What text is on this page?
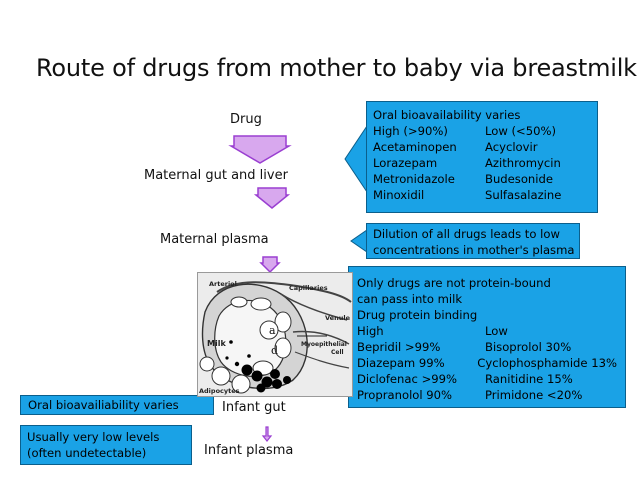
Route of drugs from mother to baby via breastmilk
Drug
Maternal gut and liver
Maternal plasma
Infant gut
Infant plasma
Oral bioavailability varies
High (>90%)	Low (<50%)
Acetaminopen	Acyclovir
Lorazepam	Azithromycin
Metronidazole	Budesonide
Minoxidil	Sulfasalazine
Dilution of all drugs leads to low
concentrations in mother's plasma
Only drugs are not protein-bound
can pass into milk
Drug protein binding
High	Low
Bepridil >99%	Bisoprolol 30%
Diazepam 99%	Cyclophosphamide 13%
Diclofenac >99%	Ranitidine 15%
Propranolol 90%	Primidone <20%
Oral bioavailiability varies
Usually very low levels
(often undetectable)
Arteriol	Capillaries
Venule
Myoepithelial
Cell
Milk
Adipocytes
a
d
